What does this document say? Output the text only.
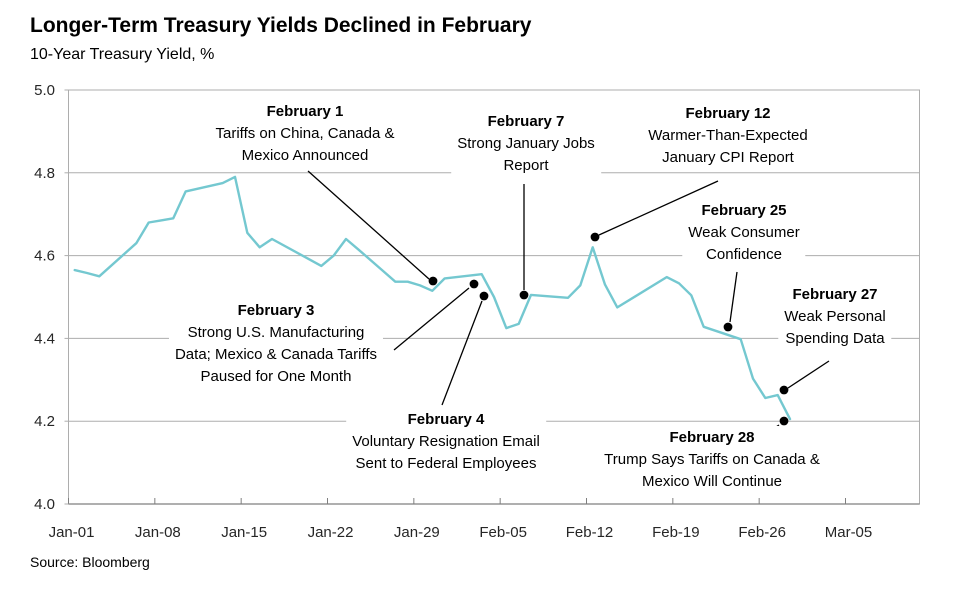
Longer-Term Treasury Yields Declined in February
10-Year Treasury Yield, %
Jan-01	Jan-08	Jan-15	Jan-22	Jan-29	Feb-05	Feb-12	Feb-19	Feb-26	Mar-05
5.0
4.8
4.6
4.4
4.2
4.0
February 1
Tariffs on China, Canada &
Mexico Announced
February 3
Strong U.S. Manufacturing
Data; Mexico & Canada Tariffs
Paused for One Month
February 4
Voluntary Resignation Email
Sent to Federal Employees
February 7
Strong January Jobs
Report
February 12
Warmer-Than-Expected
January CPI Report
February 25
Weak Consumer
Confidence
February 27
Weak Personal
Spending Data
February 28
Trump Says Tariffs on Canada &
Mexico Will Continue
Source: Bloomberg
